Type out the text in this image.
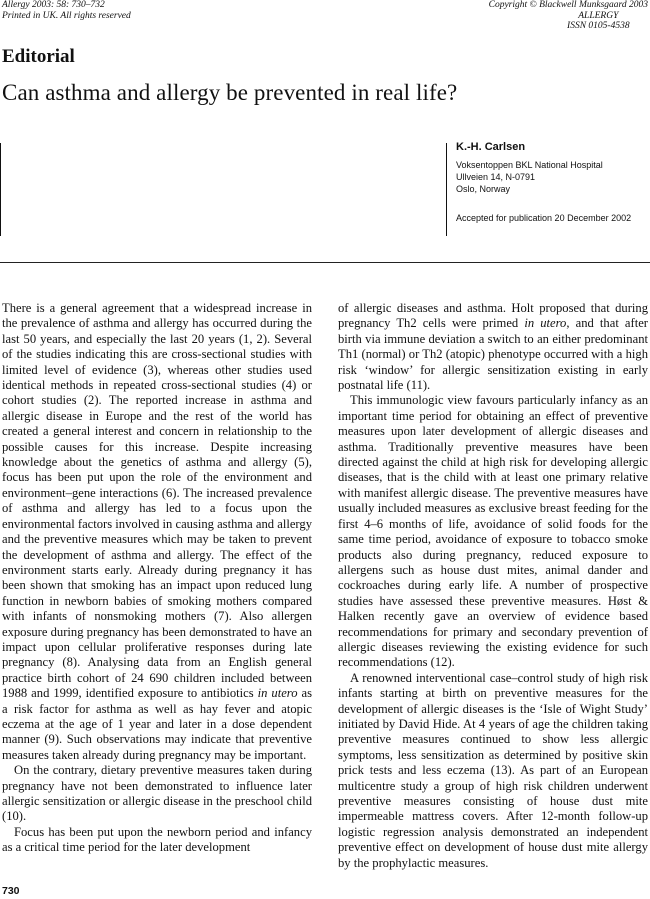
Allergy 2003: 58: 730–732
Printed in UK. All rights reserved
Copyright © Blackwell Munksgaard 2003
ALLERGY
ISSN 0105-4538
Editorial
Can asthma and allergy be prevented in real life?
K.-H. Carlsen
Voksentoppen BKL National Hospital
Ullveien 14, N-0791
Oslo, Norway
Accepted for publication 20 December 2002

There is a general agreement that a widespread increase in the prevalence of asthma and allergy has occurred during the last 50 years, and especially the last 20 years (1, 2). Several of the studies indicating this are cross-sectional studies with limited level of evidence (3), whereas other studies used identical methods in repeated cross-sectional studies (4) or cohort studies (2). The reported increase in asthma and allergic disease in Europe and the rest of the world has created a general interest and concern in relationship to the possible causes for this increase. Despite increasing knowledge about the genetics of asthma and allergy (5), focus has been put upon the role of the environment and environment–gene interactions (6). The increased prevalence of asthma and allergy has led to a focus upon the environmental factors involved in causing asthma and allergy and the preventive measures which may be taken to prevent the development of asthma and allergy. The effect of the environment starts early. Already during pregnancy it has been shown that smoking has an impact upon reduced lung function in newborn babies of smoking mothers compared with infants of nonsmoking mothers (7). Also allergen exposure during pregnancy has been demonstrated to have an impact upon cellular proliferative responses during late pregnancy (8). Analysing data from an English general practice birth cohort of 24 690 children included between 1988 and 1999, identified exposure to antibiotics in utero as a risk factor for asthma as well as hay fever and atopic eczema at the age of 1 year and later in a dose dependent manner (9). Such observations may indicate that preventive measures taken already during pregnancy may be important.

On the contrary, dietary preventive measures taken during pregnancy have not been demonstrated to influence later allergic sensitization or allergic disease in the preschool child (10).

Focus has been put upon the newborn period and infancy as a critical time period for the later development

of allergic diseases and asthma. Holt proposed that during pregnancy Th2 cells were primed in utero, and that after birth via immune deviation a switch to an either predominant Th1 (normal) or Th2 (atopic) phenotype occurred with a high risk ‘window’ for allergic sensitization existing in early postnatal life (11).

This immunologic view favours particularly infancy as an important time period for obtaining an effect of preventive measures upon later development of allergic diseases and asthma. Traditionally preventive measures have been directed against the child at high risk for developing allergic diseases, that is the child with at least one primary relative with manifest allergic disease. The preventive measures have usually included measures as exclusive breast feeding for the first 4–6 months of life, avoidance of solid foods for the same time period, avoidance of exposure to tobacco smoke products also during pregnancy, reduced exposure to allergens such as house dust mites, animal dander and cockroaches during early life. A number of prospective studies have assessed these preventive measures. Høst & Halken recently gave an overview of evidence based recommendations for primary and secondary prevention of allergic diseases reviewing the existing evidence for such recommendations (12).

A renowned interventional case–control study of high risk infants starting at birth on preventive measures for the development of allergic diseases is the ‘Isle of Wight Study’ initiated by David Hide. At 4 years of age the children taking preventive measures continued to show less allergic symptoms, less sensitization as determined by positive skin prick tests and less eczema (13). As part of an European multicentre study a group of high risk children underwent preventive measures consisting of house dust mite impermeable mattress covers. After 12-month follow-up logistic regression analysis demonstrated an independent preventive effect on development of house dust mite allergy by the prophylactic measures.

730
